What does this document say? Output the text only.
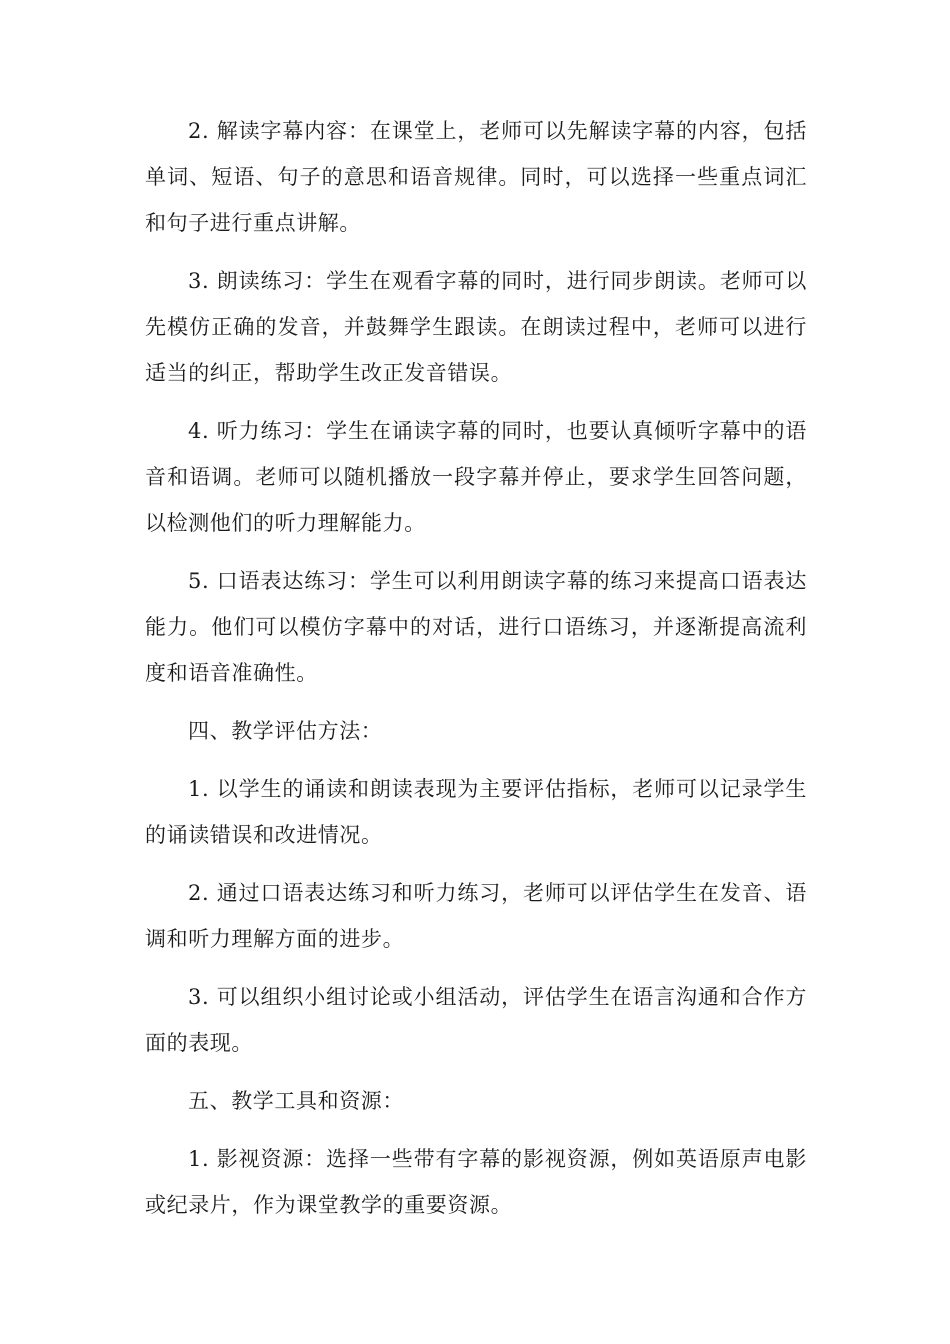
2. 解读字幕内容：在课堂上，老师可以先解读字幕的内容，包括单词、短语、句子的意思和语音规律。同时，可以选择一些重点词汇和句子进行重点讲解。

3. 朗读练习：学生在观看字幕的同时，进行同步朗读。老师可以先模仿正确的发音，并鼓舞学生跟读。在朗读过程中，老师可以进行适当的纠正，帮助学生改正发音错误。

4. 听力练习：学生在诵读字幕的同时，也要认真倾听字幕中的语音和语调。老师可以随机播放一段字幕并停止，要求学生回答问题，以检测他们的听力理解能力。

5. 口语表达练习：学生可以利用朗读字幕的练习来提高口语表达能力。他们可以模仿字幕中的对话，进行口语练习，并逐渐提高流利度和语音准确性。

四、教学评估方法：

1. 以学生的诵读和朗读表现为主要评估指标，老师可以记录学生的诵读错误和改进情况。

2. 通过口语表达练习和听力练习，老师可以评估学生在发音、语调和听力理解方面的进步。

3. 可以组织小组讨论或小组活动，评估学生在语言沟通和合作方面的表现。

五、教学工具和资源：

1. 影视资源：选择一些带有字幕的影视资源，例如英语原声电影或纪录片，作为课堂教学的重要资源。
